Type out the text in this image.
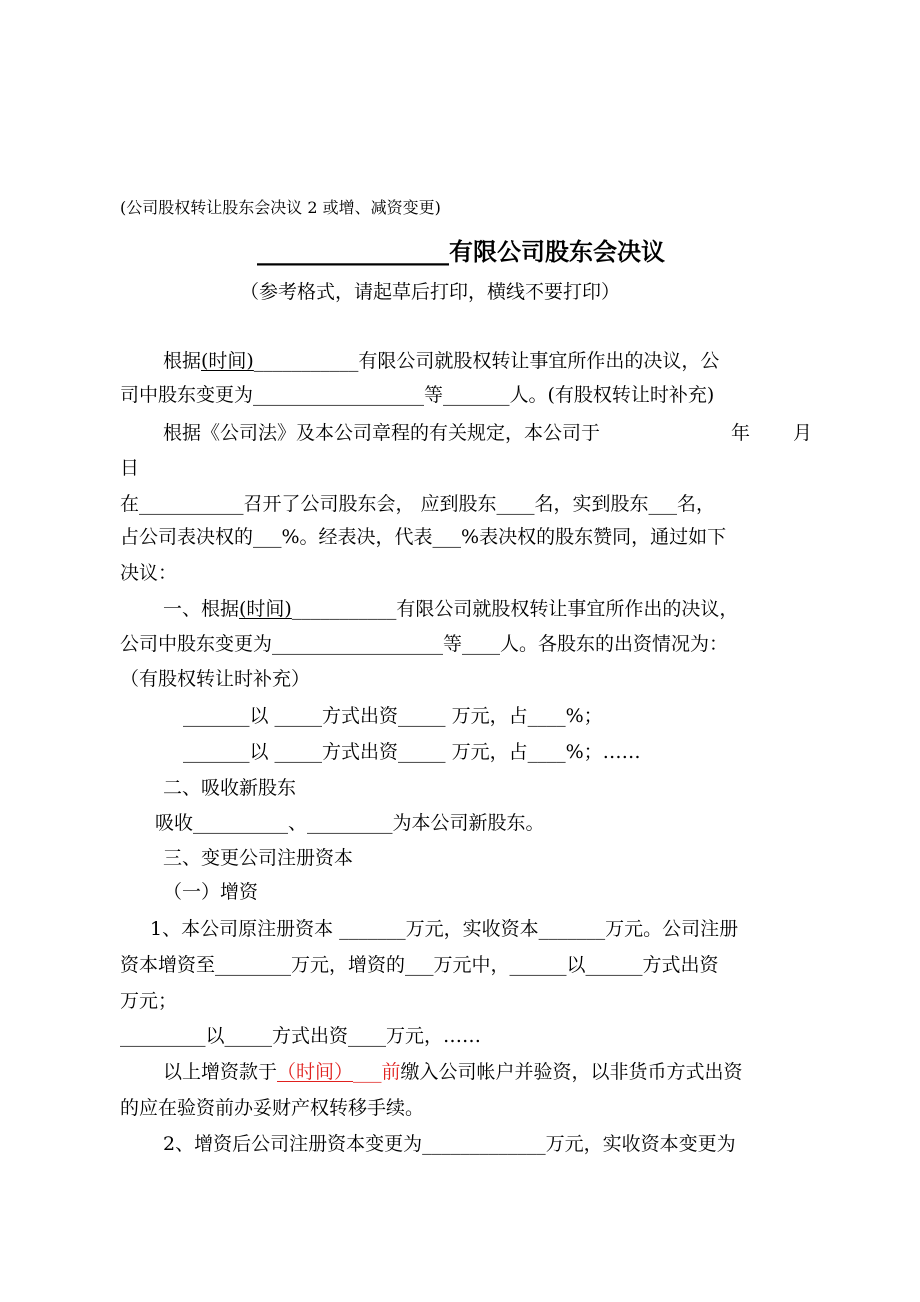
(公司股权转让股东会决议 2 或增、减资变更)
________________有限公司股东会决议
（参考格式，请起草后打印，横线不要打印）
根据(时间)___________有限公司就股权转让事宜所作出的决议，公
司中股东变更为__________________等_______人。(有股权转让时补充)
根据《公司法》及本公司章程的有关规定，本公司于	年 月
日
在___________召开了公司股东会， 应到股东____名，实到股东___名，
占公司表决权的___%。经表决，代表___%表决权的股东赞同，通过如下
决议：
一、根据(时间)___________有限公司就股权转让事宜所作出的决议，
公司中股东变更为__________________等____人。各股东的出资情况为：
（有股权转让时补充）
_______以 _____方式出资_____ 万元，占____%；
_______以 _____方式出资_____ 万元，占____%；……
二、吸收新股东
吸收__________、_________为本公司新股东。
三、变更公司注册资本
（一）增资
1、本公司原注册资本 _______万元，实收资本_______万元。公司注册
资本增资至________万元，增资的___万元中，______以______方式出资
万元；
_________以_____方式出资____万元，……
以上增资款于（时间）___前缴入公司帐户并验资，以非货币方式出资
的应在验资前办妥财产权转移手续。
2、增资后公司注册资本变更为_____________万元，实收资本变更为
